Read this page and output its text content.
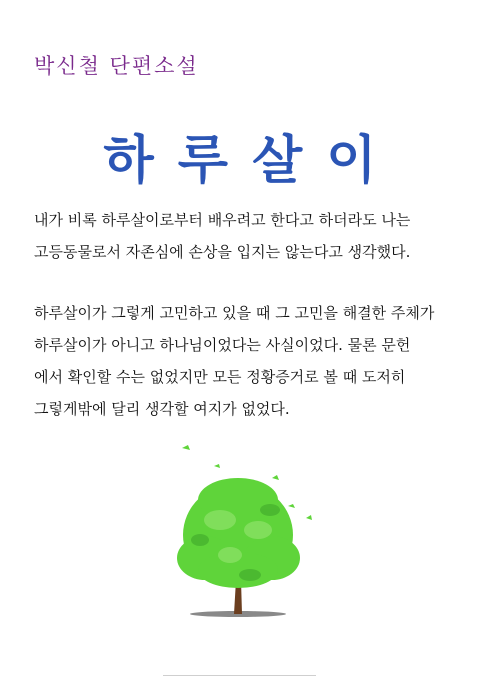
박신철 단편소설
하루살이
내가 비록 하루살이로부터 배우려고 한다고 하더라도 나는
고등동물로서 자존심에 손상을 입지는 않는다고 생각했다.
하루살이가 그렇게 고민하고 있을 때 그 고민을 해결한 주체가
하루살이가 아니고 하나님이었다는 사실이었다. 물론 문헌
에서 확인할 수는 없었지만 모든 정황증거로 볼 때 도저히
그렇게밖에 달리 생각할 여지가 없었다.
